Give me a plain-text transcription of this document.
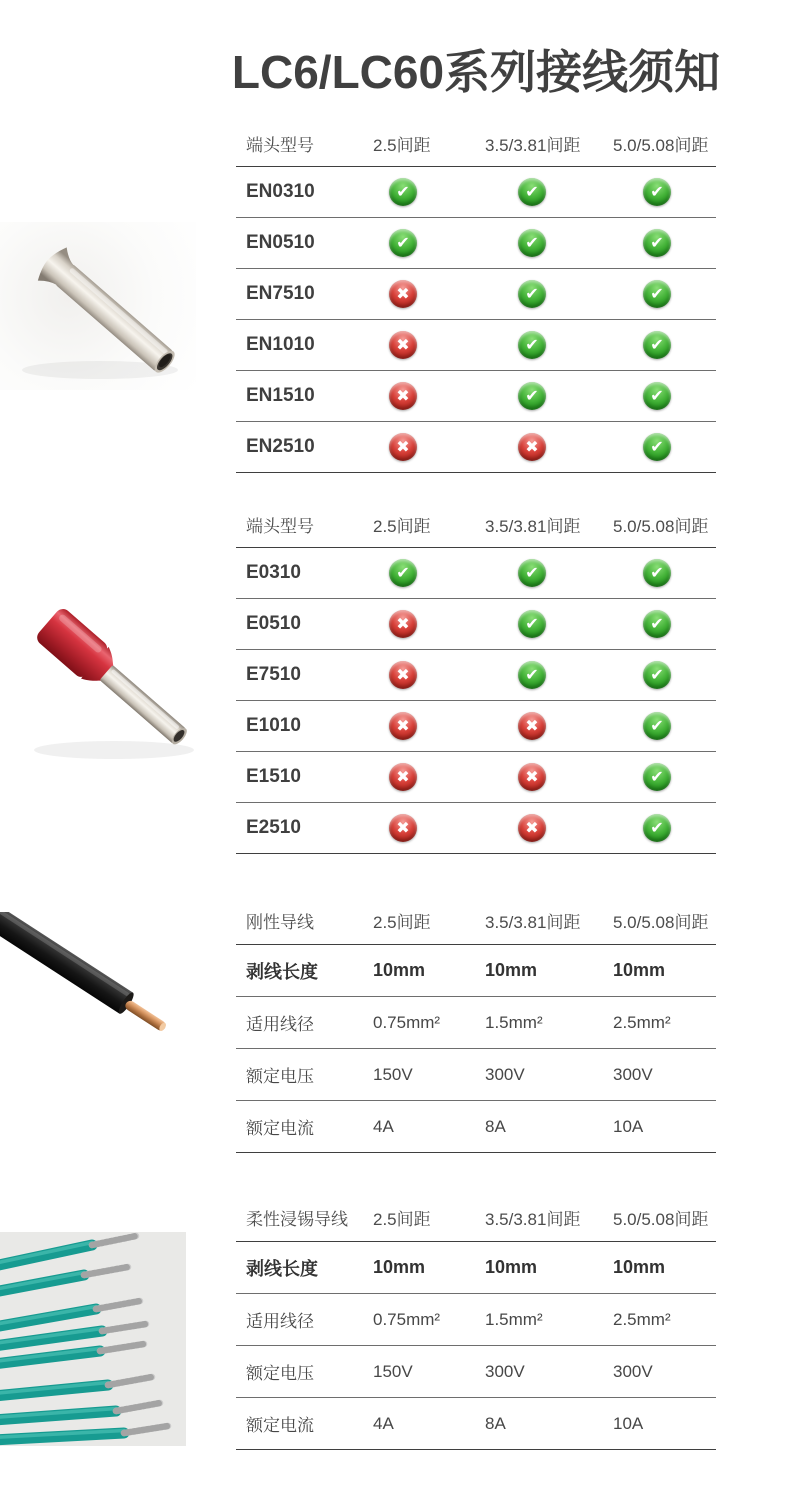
LC6/LC60系列接线须知
端头型号	2.5间距	3.5/3.81间距	5.0/5.08间距
EN0310	✔	✔	✔
EN0510	✔	✔	✔
EN7510	✖	✔	✔
EN1010	✖	✔	✔
EN1510	✖	✔	✔
EN2510	✖	✖	✔
端头型号	2.5间距	3.5/3.81间距	5.0/5.08间距
E0310	✔	✔	✔
E0510	✖	✔	✔
E7510	✖	✔	✔
E1010	✖	✖	✔
E1510	✖	✖	✔
E2510	✖	✖	✔
刚性导线	2.5间距	3.5/3.81间距	5.0/5.08间距
剥线长度	10mm	10mm	10mm
适用线径	0.75mm²	1.5mm²	2.5mm²
额定电压	150V	300V	300V
额定电流	4A	8A	10A
柔性浸锡导线	2.5间距	3.5/3.81间距	5.0/5.08间距
剥线长度	10mm	10mm	10mm
适用线径	0.75mm²	1.5mm²	2.5mm²
额定电压	150V	300V	300V
额定电流	4A	8A	10A
